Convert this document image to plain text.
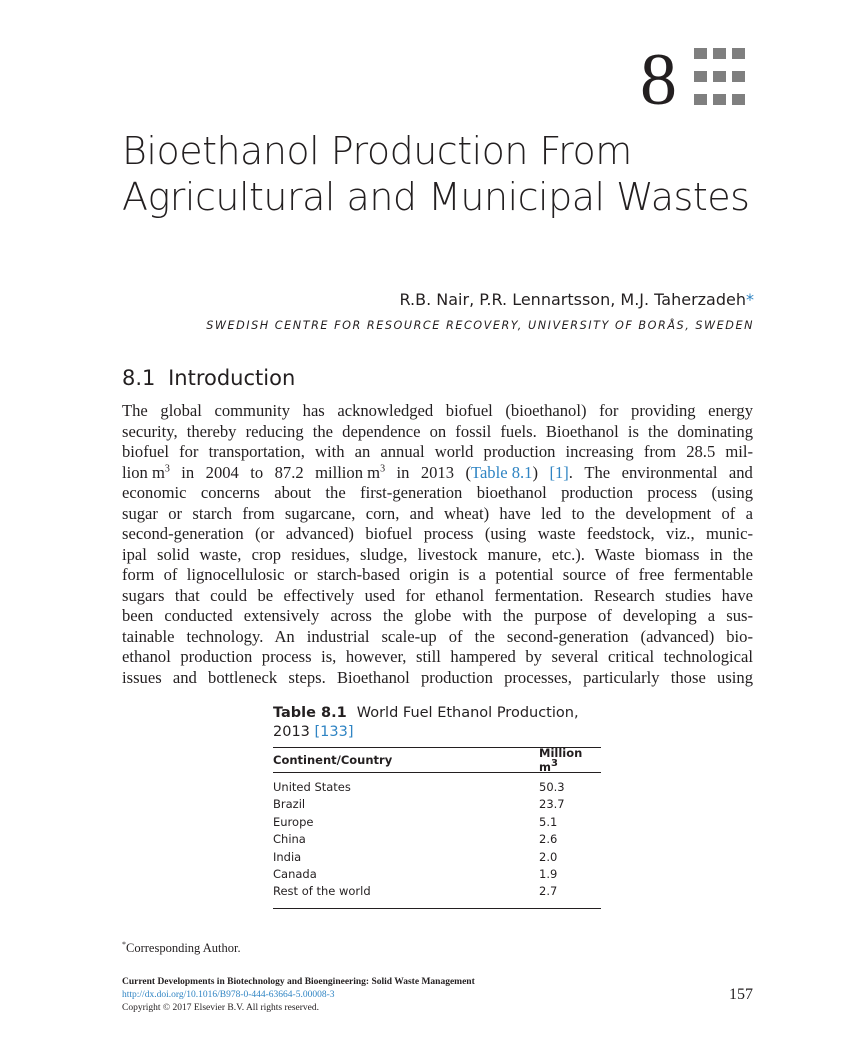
8
Bioethanol Production From
Agricultural and Municipal Wastes
R.B. Nair, P.R. Lennartsson, M.J. Taherzadeh*
SWEDISH CENTRE FOR RESOURCE RECOVERY, UNIVERSITY OF BORÅS, SWEDEN
8.1 Introduction
The global community has acknowledged biofuel (bioethanol) for providing energy
security, thereby reducing the dependence on fossil fuels. Bioethanol is the dominating
biofuel for transportation, with an annual world production increasing from 28.5 mil-
lion $m^3$ in 2004 to 87.2 million $m^3$ in 2013 (Table 8.1) [1]. The environmental and
economic concerns about the first-generation bioethanol production process (using
sugar or starch from sugarcane, corn, and wheat) have led to the development of a
second-generation (or advanced) biofuel process (using waste feedstock, viz., munic-
ipal solid waste, crop residues, sludge, livestock manure, etc.). Waste biomass in the
form of lignocellulosic or starch-based origin is a potential source of free fermentable
sugars that could be effectively used for ethanol fermentation. Research studies have
been conducted extensively across the globe with the purpose of developing a sus-
tainable technology. An industrial scale-up of the second-generation (advanced) bio-
ethanol production process is, however, still hampered by several critical technological
issues and bottleneck steps. Bioethanol production processes, particularly those using
Table 8.1 World Fuel Ethanol Production,
2013 [133]
Continent/Country	Million $m^3$
United States	50.3
Brazil	23.7
Europe	5.1
China	2.6
India	2.0
Canada	1.9
Rest of the world	2.7
*Corresponding Author.
Current Developments in Biotechnology and Bioengineering: Solid Waste Management
http://dx.doi.org/10.1016/B978-0-444-63664-5.00008-3
Copyright © 2017 Elsevier B.V. All rights reserved.
157
